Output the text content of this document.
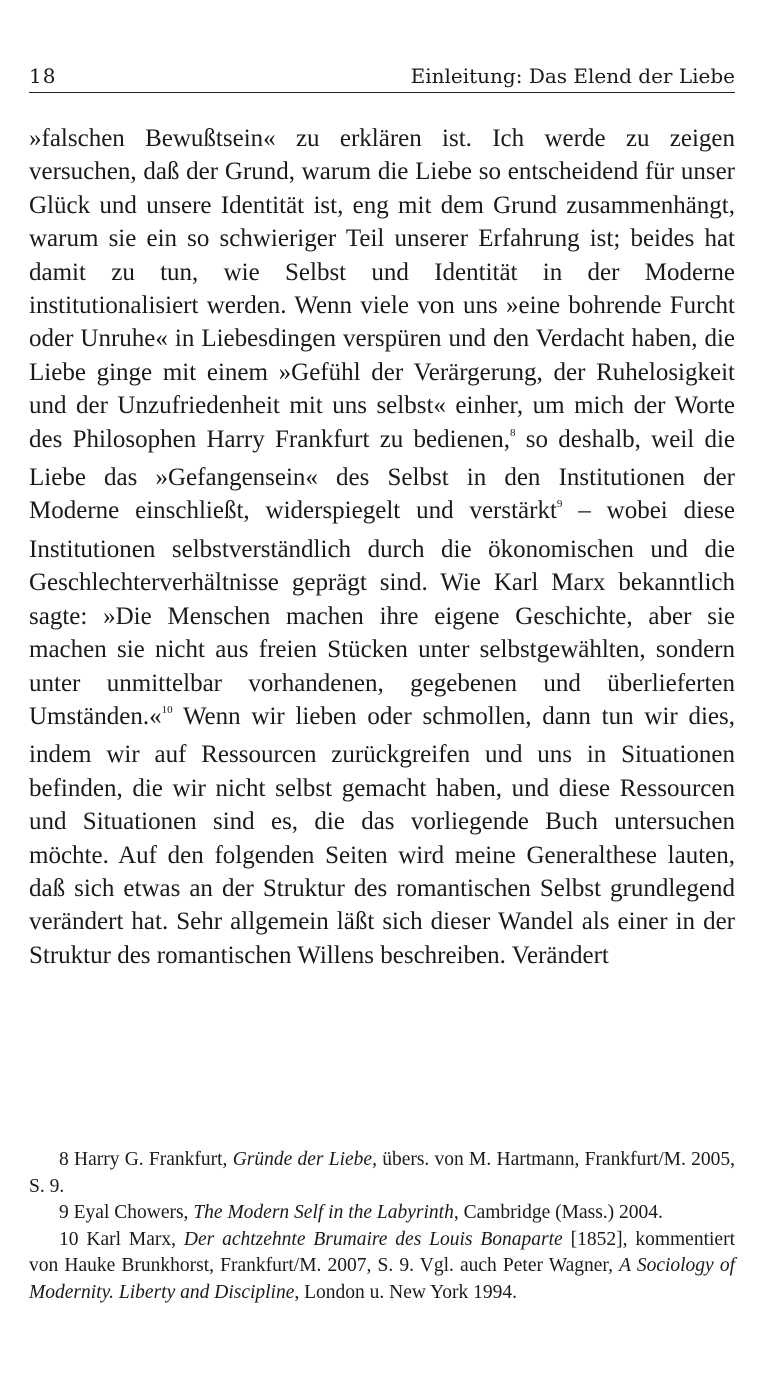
18	Einleitung: Das Elend der Liebe

»falschen Bewußtsein« zu erklären ist. Ich werde zu zeigen versuchen, daß der Grund, warum die Liebe so entscheidend für unser Glück und unsere Identität ist, eng mit dem Grund zusammenhängt, warum sie ein so schwieriger Teil unserer Erfahrung ist; beides hat damit zu tun, wie Selbst und Identität in der Moderne institutionalisiert werden. Wenn viele von uns »eine bohrende Furcht oder Unruhe« in Liebesdingen verspüren und den Verdacht haben, die Liebe ginge mit einem »Gefühl der Verärgerung, der Ruhelosigkeit und der Unzufriedenheit mit uns selbst« einher, um mich der Worte des Philosophen Harry Frankfurt zu bedienen,$^8$ so deshalb, weil die Liebe das »Gefangensein« des Selbst in den Institutionen der Moderne einschließt, widerspiegelt und verstärkt$^9$ – wobei diese Institutionen selbstverständlich durch die ökonomischen und die Geschlechterverhältnisse geprägt sind. Wie Karl Marx bekanntlich sagte: »Die Menschen machen ihre eigene Geschichte, aber sie machen sie nicht aus freien Stücken unter selbstgewählten, sondern unter unmittelbar vorhandenen, gegebenen und überlieferten Umständen.«$^{10}$ Wenn wir lieben oder schmollen, dann tun wir dies, indem wir auf Ressourcen zurückgreifen und uns in Situationen befinden, die wir nicht selbst gemacht haben, und diese Ressourcen und Situationen sind es, die das vorliegende Buch untersuchen möchte. Auf den folgenden Seiten wird meine Generalthese lauten, daß sich etwas an der Struktur des romantischen Selbst grundlegend verändert hat. Sehr allgemein läßt sich dieser Wandel als einer in der Struktur des romantischen Willens beschreiben. Verändert

8 Harry G. Frankfurt, Gründe der Liebe, übers. von M. Hartmann, Frankfurt/M. 2005, S. 9.

9 Eyal Chowers, The Modern Self in the Labyrinth, Cambridge (Mass.) 2004.

10 Karl Marx, Der achtzehnte Brumaire des Louis Bonaparte [1852], kommentiert von Hauke Brunkhorst, Frankfurt/M. 2007, S. 9. Vgl. auch Peter Wagner, A Sociology of Modernity. Liberty and Discipline, London u. New York 1994.
